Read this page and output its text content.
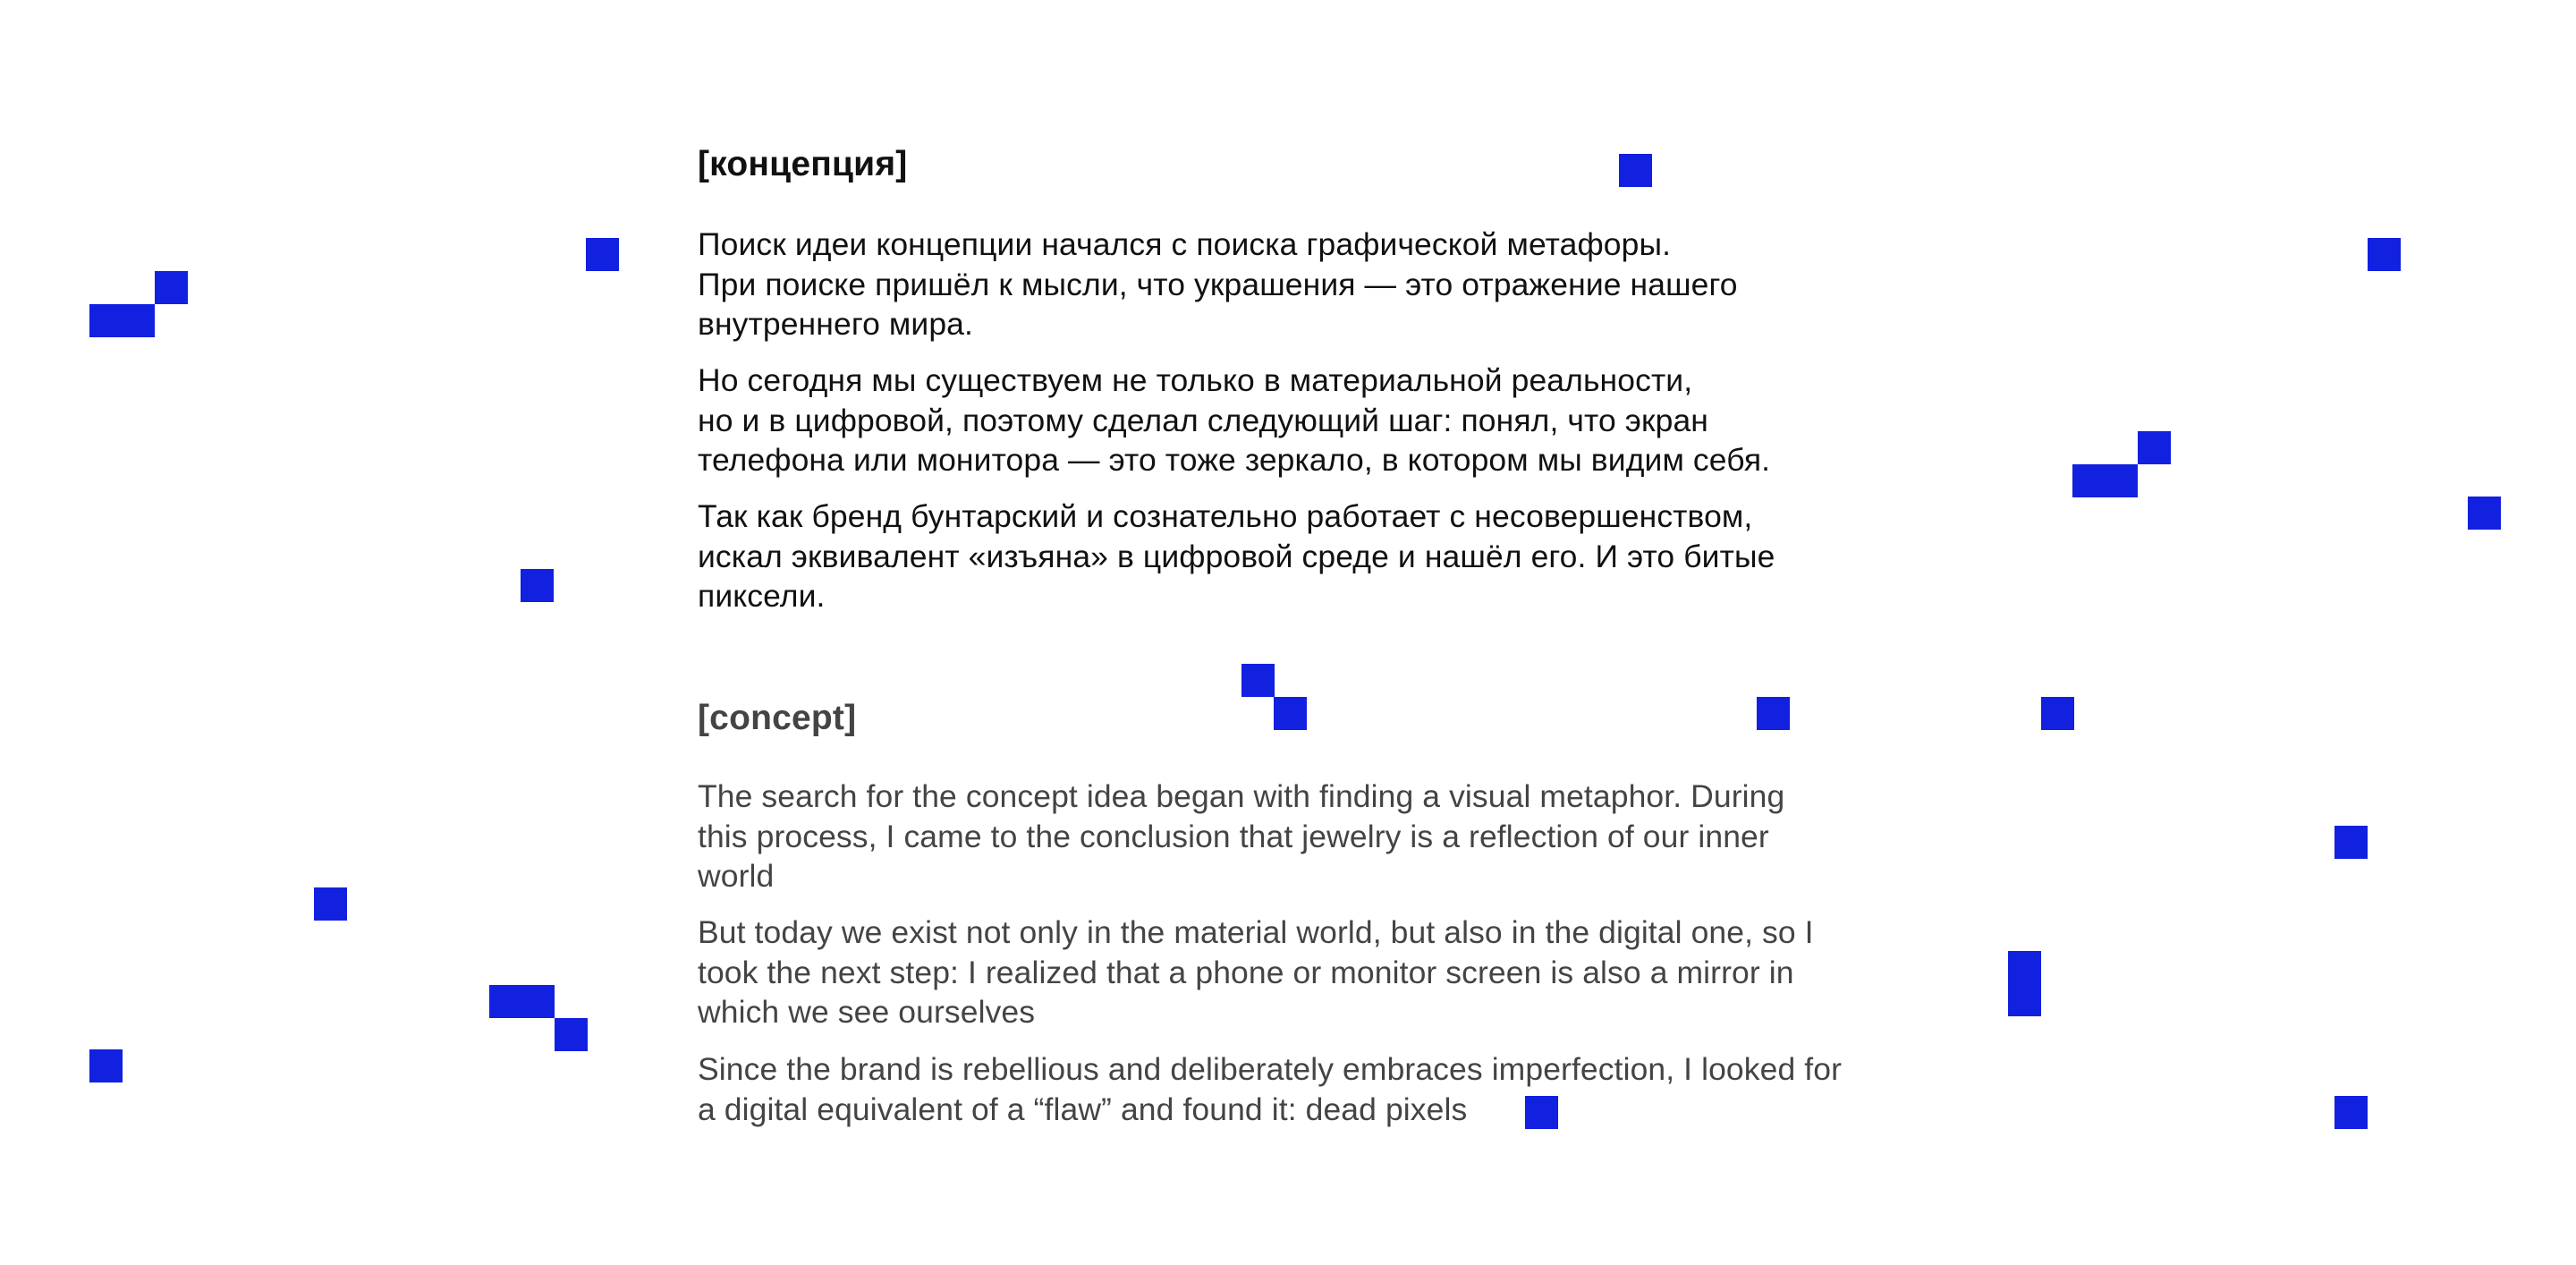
[концепция]

Поиск идеи концепции начался с поиска графической метафоры.
При поиске пришёл к мысли, что украшения — это отражение нашего
внутреннего мира.

Но сегодня мы существуем не только в материальной реальности,
но и в цифровой, поэтому сделал следующий шаг: понял, что экран
телефона или монитора — это тоже зеркало, в котором мы видим себя.

Так как бренд бунтарский и сознательно работает с несовершенством,
искал эквивалент «изъяна» в цифровой среде и нашёл его. И это битые
пиксели.

[concept]

The search for the concept idea began with finding a visual metaphor. During
this process, I came to the conclusion that jewelry is a reflection of our inner
world

But today we exist not only in the material world, but also in the digital one, so I
took the next step: I realized that a phone or monitor screen is also a mirror in
which we see ourselves

Since the brand is rebellious and deliberately embraces imperfection, I looked for
a digital equivalent of a “flaw” and found it: dead pixels
